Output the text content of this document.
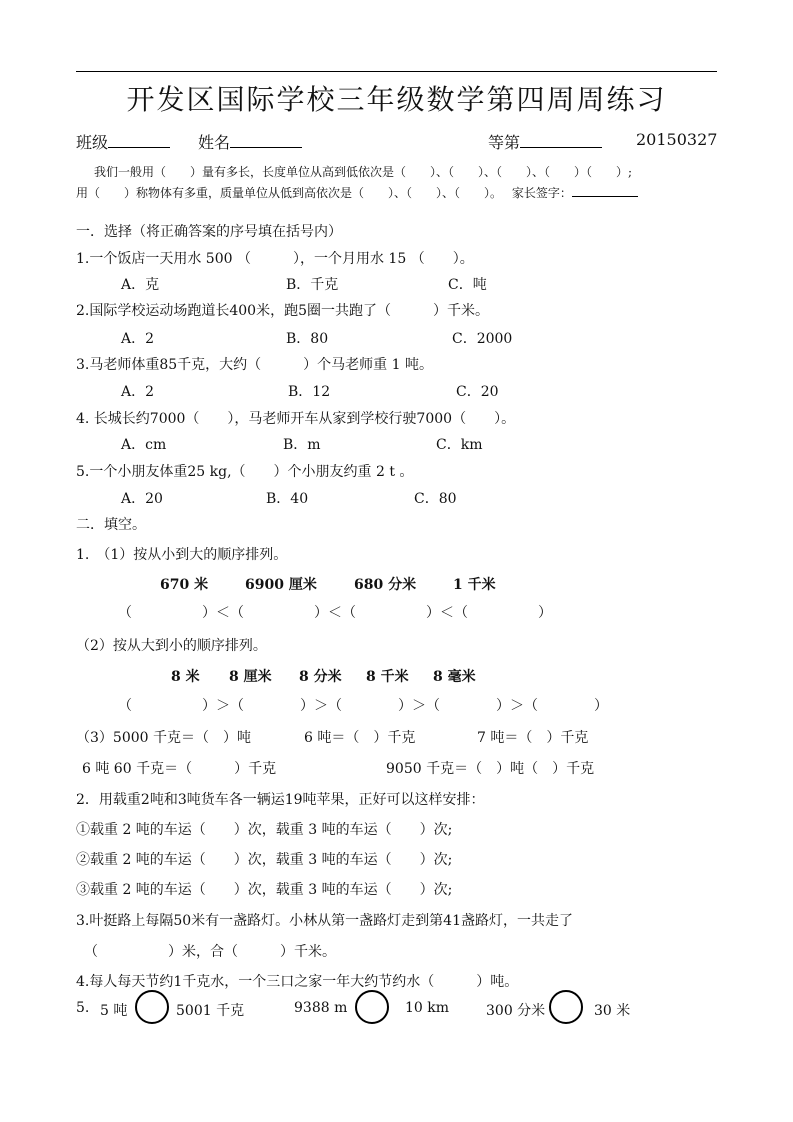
开发区国际学校三年级数学第四周周练习
班级	姓名	等第	20150327
我们一般用（　　）量有多长，长度单位从高到低依次是（　　）、（　　）、（　　）、（　　）（　　）;
用（　　）称物体有多重，质量单位从低到高依次是（　　）、（　　）、（　　）。 家长签字：
一．选择（将正确答案的序号填在括号内）
1.一个饭店一天用水 500 （　　　），一个月用水 15 （　　）。
A．克	B．千克	C．吨
2.国际学校运动场跑道长400米，跑5圈一共跑了（　　　）千米。
A．2	B．80	C．2000
3.马老师体重85千克，大约（　　　）个马老师重 1 吨。
A．2	B．12	C．20
4. 长城长约7000（　　），马老师开车从家到学校行驶7000（　　）。
A．cm	B．m	C．km
5.一个小朋友体重25 kg,（　　）个小朋友约重 2 t 。
A．20	B．40	C．80
二．填空。
1.　（1）按从小到大的顺序排列。
670 米	6900 厘米	680 分米	1 千米
（　　　　　）＜（　　　　　）＜（　　　　　）＜（　　　　　）
（2）按从大到小的顺序排列。
8 米 8 厘米 8 分米 8 千米 8 毫米
（　　　　　）＞（　　　　）＞（　　　　）＞（　　　　）＞（　　　　）
（3）5000 千克＝（　）吨	6 吨＝（　）千克	7 吨＝（　）千克
6 吨 60 千克＝（　　　）千克	9050 千克＝（　）吨（　）千克
2．用载重2吨和3吨货车各一辆运19吨苹果，正好可以这样安排：
①载重 2 吨的车运（　　）次，载重 3 吨的车运（　　）次;
②载重 2 吨的车运（　　）次，载重 3 吨的车运（　　）次;
③载重 2 吨的车运（　　）次，载重 3 吨的车运（　　）次;
3.叶挺路上每隔50米有一盏路灯。小林从第一盏路灯走到第41盏路灯，一共走了
（　　　　　）米，合（　　　）千米。
4.每人每天节约1千克水，一个三口之家一年大约节约水（　　　）吨。
5. 5 吨	5001 千克	9388 m	10 km	300 分米	30 米
